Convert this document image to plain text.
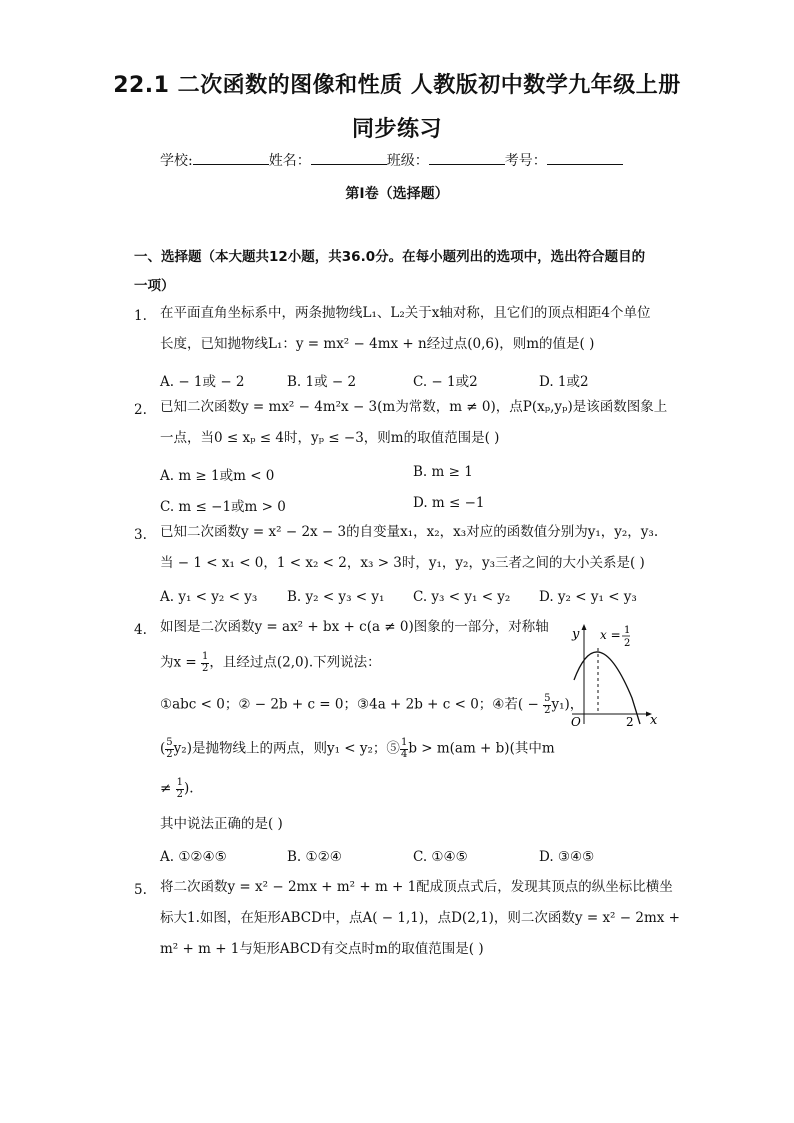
22.1 二次函数的图像和性质 人教版初中数学九年级上册
同步练习
学校:	姓名：	班级：	考号：
第I卷（选择题）
一、选择题（本大题共12小题，共36.0分。在每小题列出的选项中，选出符合题目的
一项）
1. 在平面直角坐标系中，两条抛物线L₁、L₂关于x轴对称，且它们的顶点相距4个单位
长度，已知抛物线L₁：y = mx² − 4mx + n经过点(0,6)，则m的值是( )
A. − 1或 − 2	B. 1或 − 2	C. − 1或2	D. 1或2
2. 已知二次函数y = mx² − 4m²x − 3(m为常数，m ≠ 0)，点P(xₚ,yₚ)是该函数图象上
一点，当0 ≤ xₚ ≤ 4时，yₚ ≤ −3，则m的取值范围是( )
A. m ≥ 1或m < 0	B. m ≥ 1
C. m ≤ −1或m > 0	D. m ≤ −1
3. 已知二次函数y = x² − 2x − 3的自变量x₁，x₂，x₃对应的函数值分别为y₁，y₂，y₃.
当 − 1 < x₁ < 0，1 < x₂ < 2，x₃ > 3时，y₁，y₂，y₃三者之间的大小关系是( )
A. y₁ < y₂ < y₃ B. y₂ < y₃ < y₁ C. y₃ < y₁ < y₂ D. y₂ < y₁ < y₃
4. 如图是二次函数y = ax² + bx + c(a ≠ 0)图象的一部分，对称轴
为$x = \frac{1}{2}$ ，且经过点(2,0).下列说法：
①abc < 0；② − 2b + c = 0；③4a + 2b + c < 0；④若( − $\frac{5}{2} y_1$)，
( $\frac{5}{2} y_2$)是抛物线上的两点，则y₁ < y₂；⑤ $\frac{1}{4}$ b > m(am + b)(其中m
≠ $\frac{1}{2}$ ).
其中说法正确的是( )
A. ①②④⑤	B. ①②④	C. ①④⑤	D. ③④⑤
y
x
O	2
x = 1
2
5. 将二次函数y = x² − 2mx + m² + m + 1配成顶点式后，发现其顶点的纵坐标比横坐
标大1.如图，在矩形ABCD中，点A( − 1,1)，点D(2,1)，则二次函数y = x² − 2mx +
m² + m + 1与矩形ABCD有交点时m的取值范围是( )
